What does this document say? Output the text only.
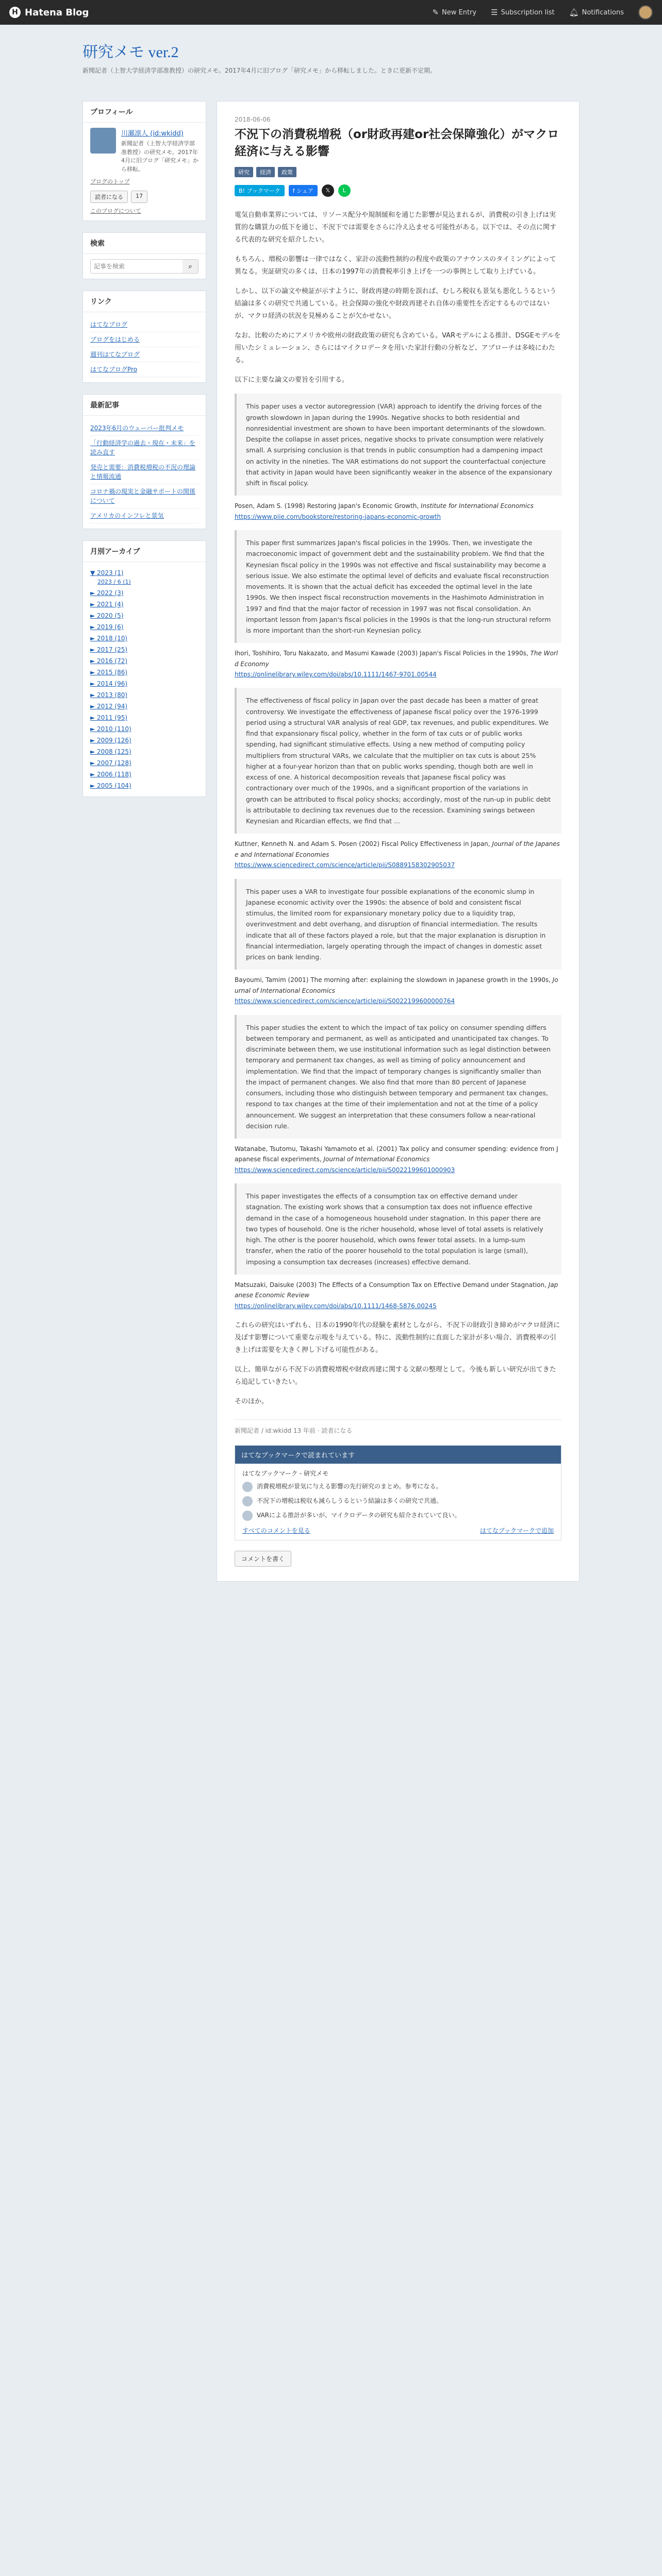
H Hatena Blog	✎ New Entry ☰ Subscription list 🔔︎ Notifications
研究メモ ver.2
新聞記者（上智大学経済学部准教授）の研究メモ。2017年4月に旧ブログ「研究メモ」から移転しました。ときに更新不定期。
プロフィール
川瀬凛人 (id:wkidd)
新聞記者（上智大学経済学部准教授）の研究メモ。2017年4月に旧ブログ「研究メモ」から移転。
ブログのトップ
読者になる	17
このブログについて
検索
記事を検索
⌕
リンク
はてなブログ
ブログをはじめる
週刊はてなブログ
はてなブログPro
最新記事
2023年6月のウェーバー批判メモ
「行動経済学の過去・現在・未来」を読み直す
発売と需要：消費税増税の不況の理論と情報流通
コロナ禍の現実と金融サポートの関係について
アメリカのインフレと景気
月別アーカイブ
▼ 2023 (1)
2023 / 6 (1)
► 2022 (3)
► 2021 (4)
► 2020 (5)
► 2019 (6)
► 2018 (10)
► 2017 (25)
► 2016 (72)
► 2015 (86)
► 2014 (96)
► 2013 (80)
► 2012 (94)
► 2011 (95)
► 2010 (110)
► 2009 (126)
► 2008 (125)
► 2007 (128)
► 2006 (118)
► 2005 (104)
2018-06-06
不況下の消費税増税（or財政再建or社会保障強化）がマクロ経済に与える影響
研究	経済	政策
B! ブックマーク	f シェア	𝕏	L

電気自動車業界については、リソース配分や規制緩和を通じた影響が見込まれるが、消費税の引き上げは実質的な購買力の低下を通じ、不況下では需要をさらに冷え込ませる可能性がある。以下では、その点に関する代表的な研究を紹介したい。

もちろん、増税の影響は一律ではなく、家計の流動性制約の程度や政策のアナウンスのタイミングによって異なる。実証研究の多くは、日本の1997年の消費税率引き上げを一つの事例として取り上げている。

しかし、以下の論文や検証が示すように、財政再建の時期を誤れば、むしろ税収も景気も悪化しうるという結論は多くの研究で共通している。社会保障の強化や財政再建それ自体の重要性を否定するものではないが、マクロ経済の状況を見極めることが欠かせない。

なお、比較のためにアメリカや欧州の財政政策の研究も含めている。VARモデルによる推計、DSGEモデルを用いたシミュレーション、さらにはマイクロデータを用いた家計行動の分析など、アプローチは多岐にわたる。

以下に主要な論文の要旨を引用する。

This paper uses a vector autoregression (VAR) approach to identify the driving forces of the growth slowdown in Japan during the 1990s. Negative shocks to both residential and nonresidential investment are shown to have been important determinants of the slowdown. Despite the collapse in asset prices, negative shocks to private consumption were relatively small. A surprising conclusion is that trends in public consumption had a dampening impact on activity in the nineties. The VAR estimations do not support the counterfactual conjecture that activity in Japan would have been significantly weaker in the absence of the expansionary shift in fiscal policy.
Posen, Adam S. (1998) Restoring Japan's Economic Growth, Institute for International Economics
https://www.piie.com/bookstore/restoring-japans-economic-growth
This paper first summarizes Japan's fiscal policies in the 1990s. Then, we investigate the macroeconomic impact of government debt and the sustainability problem. We find that the Keynesian fiscal policy in the 1990s was not effective and fiscal sustainability may become a serious issue. We also estimate the optimal level of deficits and evaluate fiscal reconstruction movements. It is shown that the actual deficit has exceeded the optimal level in the late 1990s. We then inspect fiscal reconstruction movements in the Hashimoto Administration in 1997 and find that the major factor of recession in 1997 was not fiscal consolidation. An important lesson from Japan's fiscal policies in the 1990s is that the long-run structural reform is more important than the short-run Keynesian policy.
Ihori, Toshihiro, Toru Nakazato, and Masumi Kawade (2003) Japan's Fiscal Policies in the 1990s, The World Economy
https://onlinelibrary.wiley.com/doi/abs/10.1111/1467-9701.00544
The effectiveness of fiscal policy in Japan over the past decade has been a matter of great controversy. We investigate the effectiveness of Japanese fiscal policy over the 1976-1999 period using a structural VAR analysis of real GDP, tax revenues, and public expenditures. We find that expansionary fiscal policy, whether in the form of tax cuts or of public works spending, had significant stimulative effects. Using a new method of computing policy multipliers from structural VARs, we calculate that the multiplier on tax cuts is about 25% higher at a four-year horizon than that on public works spending, though both are well in excess of one. A historical decomposition reveals that Japanese fiscal policy was contractionary over much of the 1990s, and a significant proportion of the variations in growth can be attributed to fiscal policy shocks; accordingly, most of the run-up in public debt is attributable to declining tax revenues due to the recession. Examining swings between Keynesian and Ricardian effects, we find that ...
Kuttner, Kenneth N. and Adam S. Posen (2002) Fiscal Policy Effectiveness in Japan, Journal of the Japanese and International Economies
https://www.sciencedirect.com/science/article/pii/S0889158302905037
This paper uses a VAR to investigate four possible explanations of the economic slump in Japanese economic activity over the 1990s: the absence of bold and consistent fiscal stimulus, the limited room for expansionary monetary policy due to a liquidity trap, overinvestment and debt overhang, and disruption of financial intermediation. The results indicate that all of these factors played a role, but that the major explanation is disruption in financial intermediation, largely operating through the impact of changes in domestic asset prices on bank lending.
Bayoumi, Tamim (2001) The morning after: explaining the slowdown in Japanese growth in the 1990s, Journal of International Economics
https://www.sciencedirect.com/science/article/pii/S0022199600000764
This paper studies the extent to which the impact of tax policy on consumer spending differs between temporary and permanent, as well as anticipated and unanticipated tax changes. To discriminate between them, we use institutional information such as legal distinction between temporary and permanent tax changes, as well as timing of policy announcement and implementation. We find that the impact of temporary changes is significantly smaller than the impact of permanent changes. We also find that more than 80 percent of Japanese consumers, including those who distinguish between temporary and permanent tax changes, respond to tax changes at the time of their implementation and not at the time of a policy announcement. We suggest an interpretation that these consumers follow a near-rational decision rule.
Watanabe, Tsutomu, Takashi Yamamoto et al. (2001) Tax policy and consumer spending: evidence from Japanese fiscal experiments, Journal of International Economics
https://www.sciencedirect.com/science/article/pii/S0022199601000903
This paper investigates the effects of a consumption tax on effective demand under stagnation. The existing work shows that a consumption tax does not influence effective demand in the case of a homogeneous household under stagnation. In this paper there are two types of household. One is the richer household, whose level of total assets is relatively high. The other is the poorer household, which owns fewer total assets. In a lump-sum transfer, when the ratio of the poorer household to the total population is large (small), imposing a consumption tax decreases (increases) effective demand.
Matsuzaki, Daisuke (2003) The Effects of a Consumption Tax on Effective Demand under Stagnation, Japanese Economic Review
https://onlinelibrary.wiley.com/doi/abs/10.1111/1468-5876.00245

これらの研究はいずれも、日本の1990年代の経験を素材としながら、不況下の財政引き締めがマクロ経済に及ぼす影響について重要な示唆を与えている。特に、流動性制約に直面した家計が多い場合、消費税率の引き上げは需要を大きく押し下げる可能性がある。

以上、簡単ながら不況下の消費税増税や財政再建に関する文献の整理として。今後も新しい研究が出てきたら追記していきたい。

そのほか。

新聞記者 / id:wkidd 13 年前 · 読者になる
はてなブックマークで読まれています
はてなブックマーク - 研究メモ
消費税増税が景気に与える影響の先行研究のまとめ。参考になる。
不況下の増税は税収も減らしうるという結論は多くの研究で共通。
VARによる推計が多いが、マイクロデータの研究も紹介されていて良い。
すべてのコメントを見る	はてなブックマークで追加
コメントを書く
